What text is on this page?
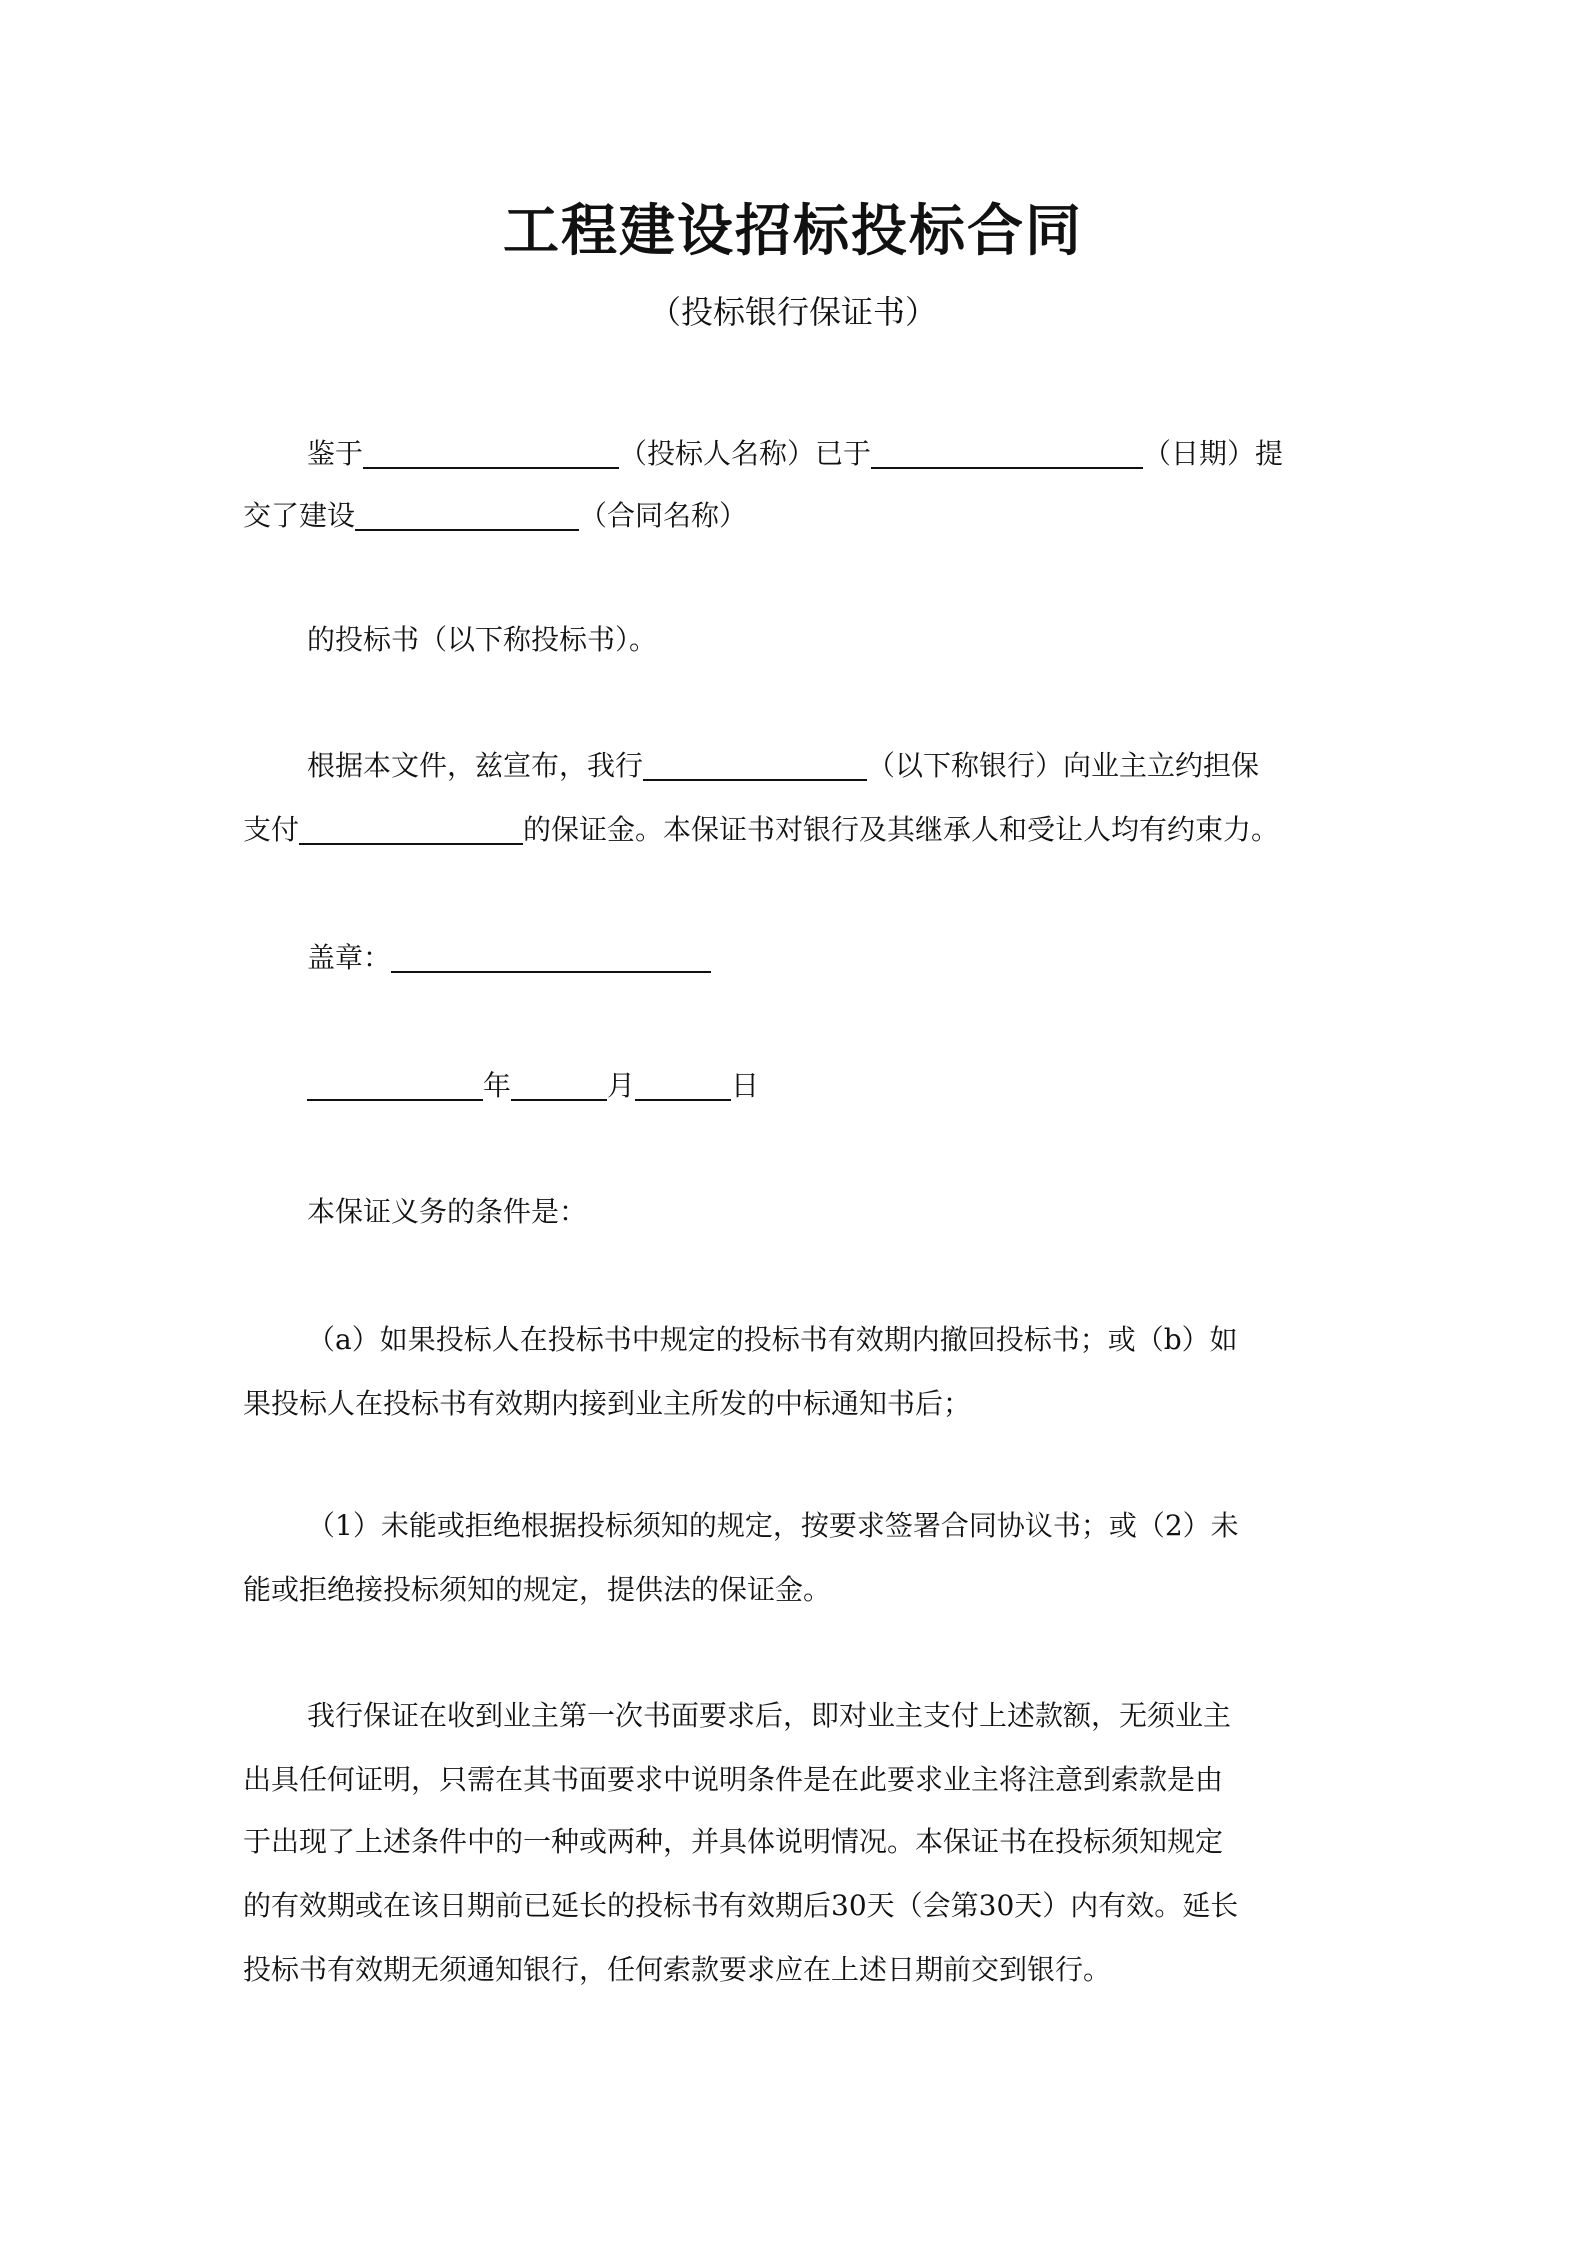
工程建设招标投标合同
（投标银行保证书）
鉴于	（投标人名称）已于	（日期）提
交了建设	（合同名称）
的投标书（以下称投标书）。
根据本文件，兹宣布，我行	（以下称银行）向业主立约担保
支付	的保证金。本保证书对银行及其继承人和受让人均有约束力。
盖章：
年	月	日
本保证义务的条件是：
（a）如果投标人在投标书中规定的投标书有效期内撤回投标书；或（b）如
果投标人在投标书有效期内接到业主所发的中标通知书后；
（1）未能或拒绝根据投标须知的规定，按要求签署合同协议书；或（2）未
能或拒绝接投标须知的规定，提供法的保证金。
我行保证在收到业主第一次书面要求后，即对业主支付上述款额，无须业主
出具任何证明，只需在其书面要求中说明条件是在此要求业主将注意到索款是由
于出现了上述条件中的一种或两种，并具体说明情况。本保证书在投标须知规定
的有效期或在该日期前已延长的投标书有效期后30天（会第30天）内有效。延长
投标书有效期无须通知银行，任何索款要求应在上述日期前交到银行。
